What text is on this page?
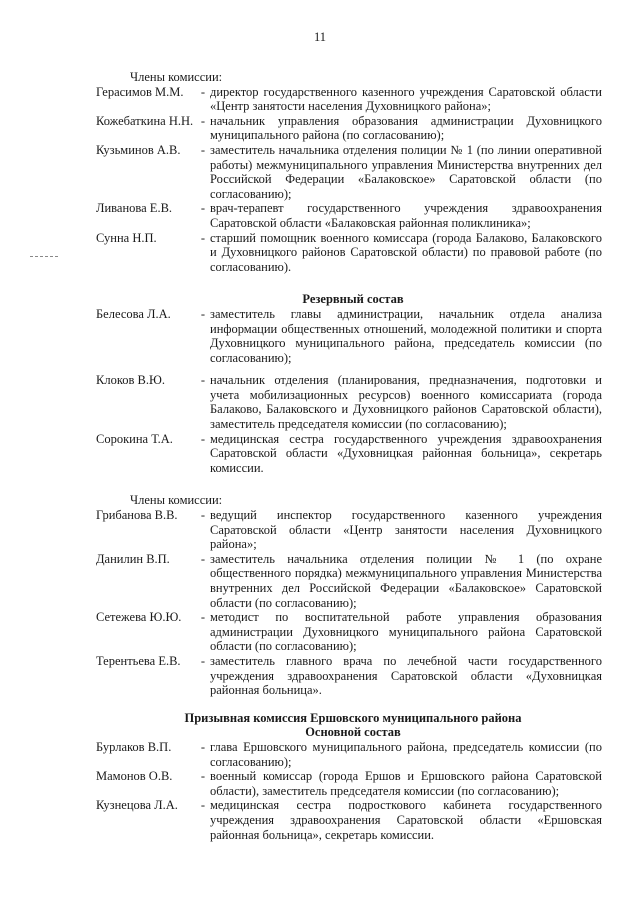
11
Члены комиссии:
Герасимов М.М.	- директор государственного казенного учреждения Саратовской области «Центр занятости населения Духовницкого района»;
Кожебаткина Н.Н. - начальник управления образования администрации Духовницкого муниципального района (по согласованию);
Кузьминов А.В.	- заместитель начальника отделения полиции № 1 (по линии оперативной работы) межмуниципального управления Министерства внутренних дел Российской Федерации «Балаковское» Саратовской области (по согласованию);
Ливанова Е.В.	- врач-терапевт государственного учреждения здравоохранения Саратовской области «Балаковская районная поликлиника»;
Сунна Н.П.	- старший помощник военного комиссара (города Балаково, Балаковского и Духовницкого районов Саратовской области) по правовой работе (по согласованию).
Резервный состав
Белесова Л.А.	- заместитель главы администрации, начальник отдела анализа информации общественных отношений, молодежной политики и спорта Духовницкого муниципального района, председатель комиссии (по согласованию);
Клоков В.Ю.	- начальник отделения (планирования, предназначения, подготовки и учета мобилизационных ресурсов) военного комиссариата (города Балаково, Балаковского и Духовницкого районов Саратовской области), заместитель председателя комиссии (по согласованию);
Сорокина Т.А.	- медицинская сестра государственного учреждения здравоохранения Саратовской области «Духовницкая районная больница», секретарь комиссии.
Члены комиссии:
Грибанова В.В.	- ведущий инспектор государственного казенного учреждения Саратовской области «Центр занятости населения Духовницкого района»;
Данилин В.П.	- заместитель начальника отделения полиции № 1 (по охране общественного порядка) межмуниципального управления Министерства внутренних дел Российской Федерации «Балаковское» Саратовской области (по согласованию);
Сетежева Ю.Ю.	- методист по воспитательной работе управления образования администрации Духовницкого муниципального района Саратовской области (по согласованию);
Терентьева Е.В.	- заместитель главного врача по лечебной части государственного учреждения здравоохранения Саратовской области «Духовницкая районная больница».
Призывная комиссия Ершовского муниципального района
Основной состав
Бурлаков В.П.	- глава Ершовского муниципального района, председатель комиссии (по согласованию);
Мамонов О.В.	- военный комиссар (города Ершов и Ершовского района Саратовской области), заместитель председателя комиссии (по согласованию);
Кузнецова Л.А.	- медицинская сестра подросткового кабинета государственного учреждения здравоохранения Саратовской области «Ершовская районная больница», секретарь комиссии.
